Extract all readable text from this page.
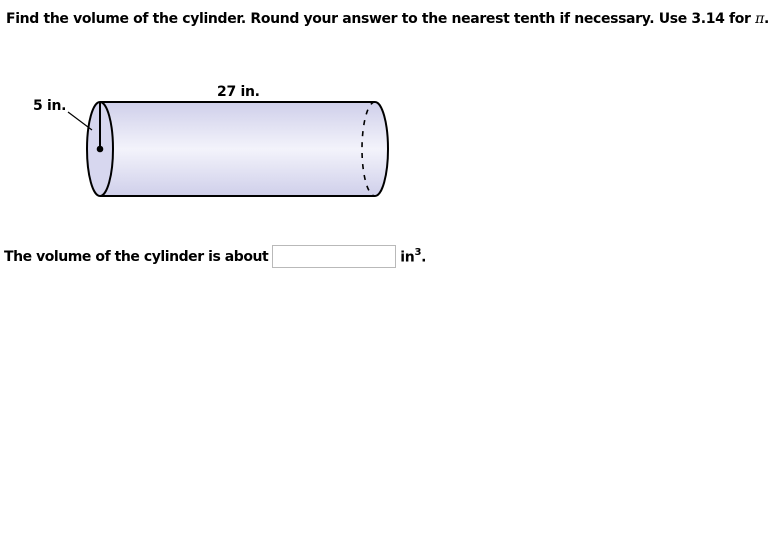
Find the volume of the cylinder. Round your answer to the nearest tenth if necessary. Use 3.14 for π.
5 in.
27 in.
The volume of the cylinder is about	$in^3$.
